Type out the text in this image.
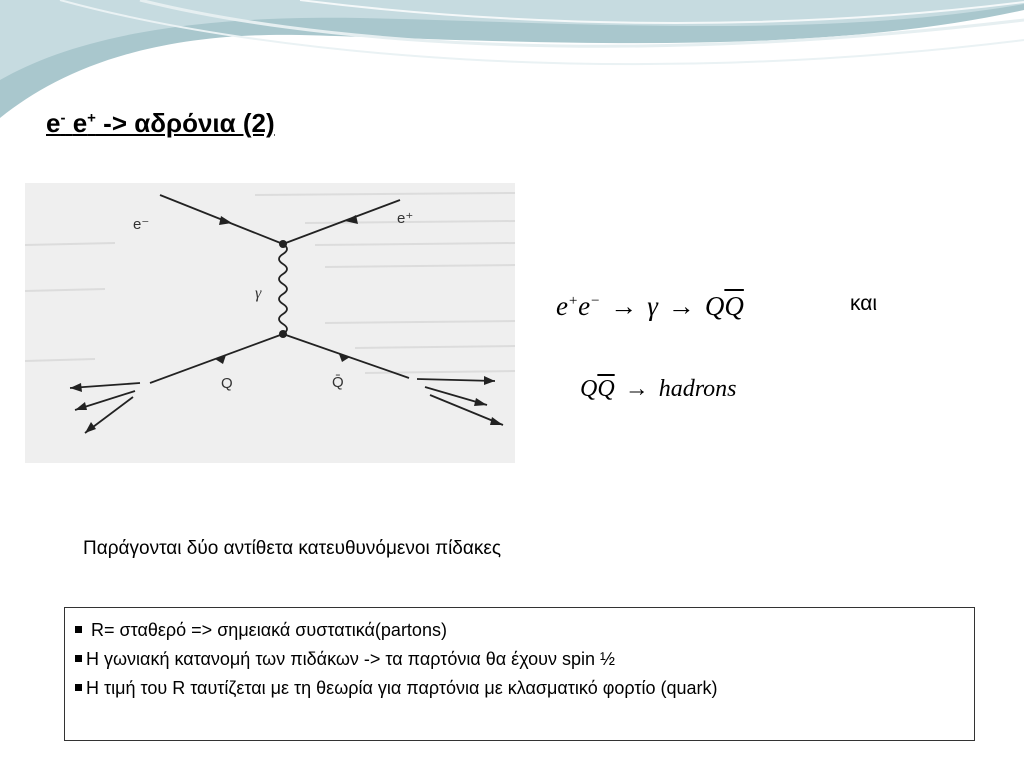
e- e+ -> αδρόνια (2)
e⁻	e⁺
γ
Q	Q̄
$e^+e^- \to \gamma \to Q\overline{Q}$	και
$Q\overline{Q}$ → hadrons
Παράγονται δύο αντίθετα κατευθυνόμενοι πίδακες
R= σταθερό => σημειακά συστατικά(partons)
Η γωνιακή κατανομή των πιδάκων -> τα παρτόνια θα έχουν spin ½
Η τιμή του R ταυτίζεται με τη θεωρία για παρτόνια με κλασματικό φορτίο (quark)
